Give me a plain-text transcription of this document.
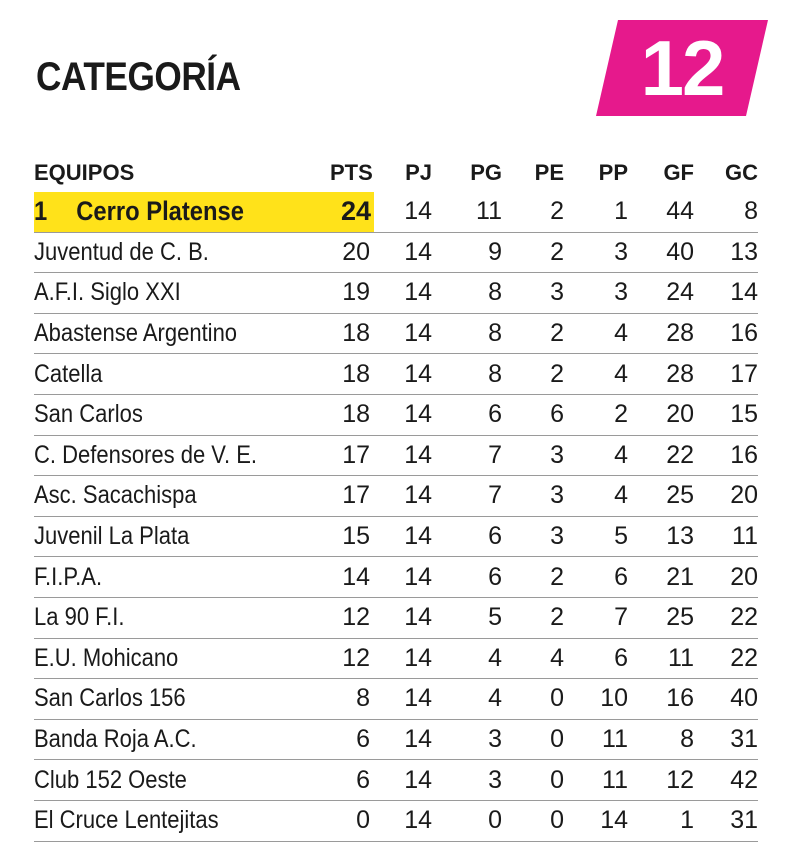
CATEGORÍA	12
EQUIPOS	PTS	PJ	PG	PE	PP	GF	GC
1 Cerro Platense	24	14	11	2	1	44	8
Juventud de C. B.	20	14	9	2	3	40	13
A.F.I. Siglo XXI	19	14	8	3	3	24	14
Abastense Argentino	18	14	8	2	4	28	16
Catella	18	14	8	2	4	28	17
San Carlos	18	14	6	6	2	20	15
C. Defensores de V. E.	17	14	7	3	4	22	16
Asc. Sacachispa	17	14	7	3	4	25	20
Juvenil La Plata	15	14	6	3	5	13	11
F.I.P.A.	14	14	6	2	6	21	20
La 90 F.I.	12	14	5	2	7	25	22
E.U. Mohicano	12	14	4	4	6	11	22
San Carlos 156	8	14	4	0	10	16	40
Banda Roja A.C.	6	14	3	0	11	8	31
Club 152 Oeste	6	14	3	0	11	12	42
El Cruce Lentejitas	0	14	0	0	14	1	31
